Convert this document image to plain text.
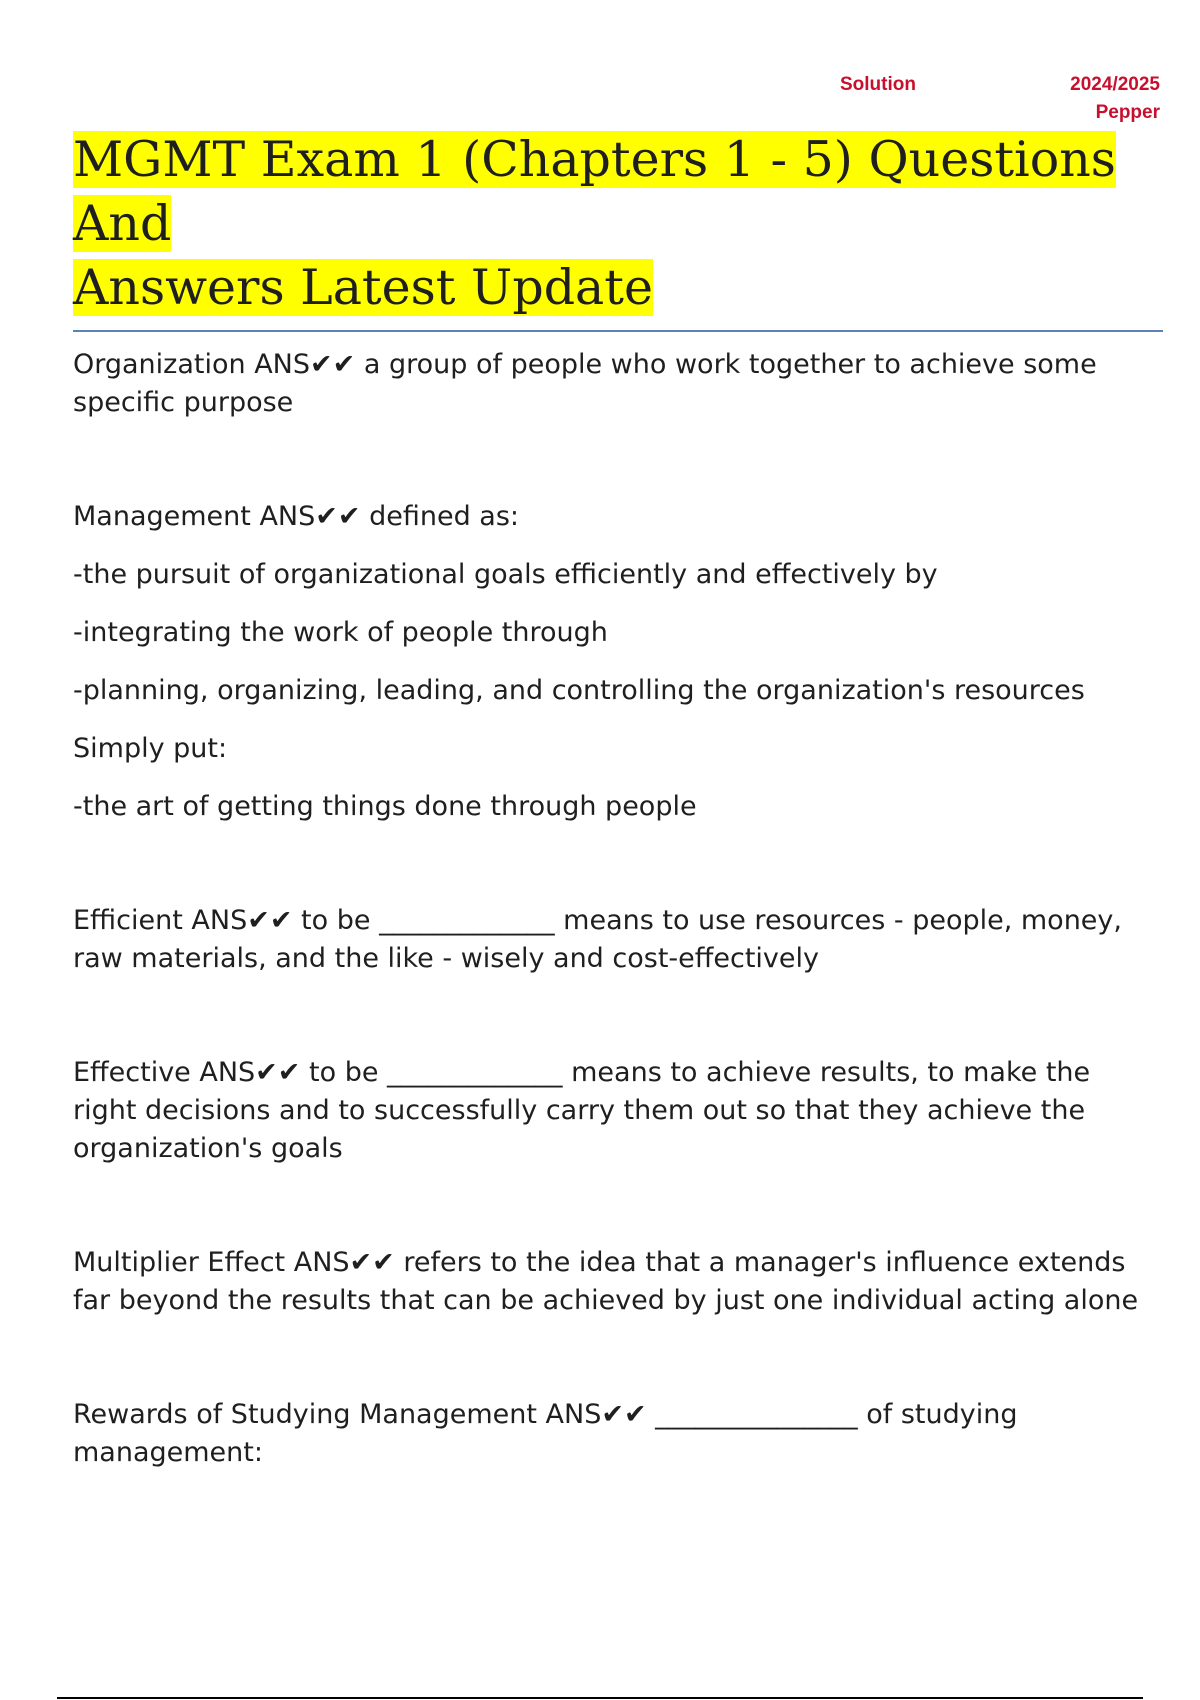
Solution	2024/2025
Pepper
MGMT Exam 1 (Chapters 1 - 5) Questions And
Answers Latest Update

Organization ANS✔✔ a group of people who work together to achieve some specific purpose

Management ANS✔✔ defined as:

-the pursuit of organizational goals efficiently and effectively by

-integrating the work of people through

-planning, organizing, leading, and controlling the organization's resources

Simply put:

-the art of getting things done through people

Efficient ANS✔✔ to be _____________ means to use resources - people, money, raw materials, and the like - wisely and cost-effectively

Effective ANS✔✔ to be _____________ means to achieve results, to make the right decisions and to successfully carry them out so that they achieve the organization's goals

Multiplier Effect ANS✔✔ refers to the idea that a manager's influence extends far beyond the results that can be achieved by just one individual acting alone

Rewards of Studying Management ANS✔✔ _______________ of studying management:
